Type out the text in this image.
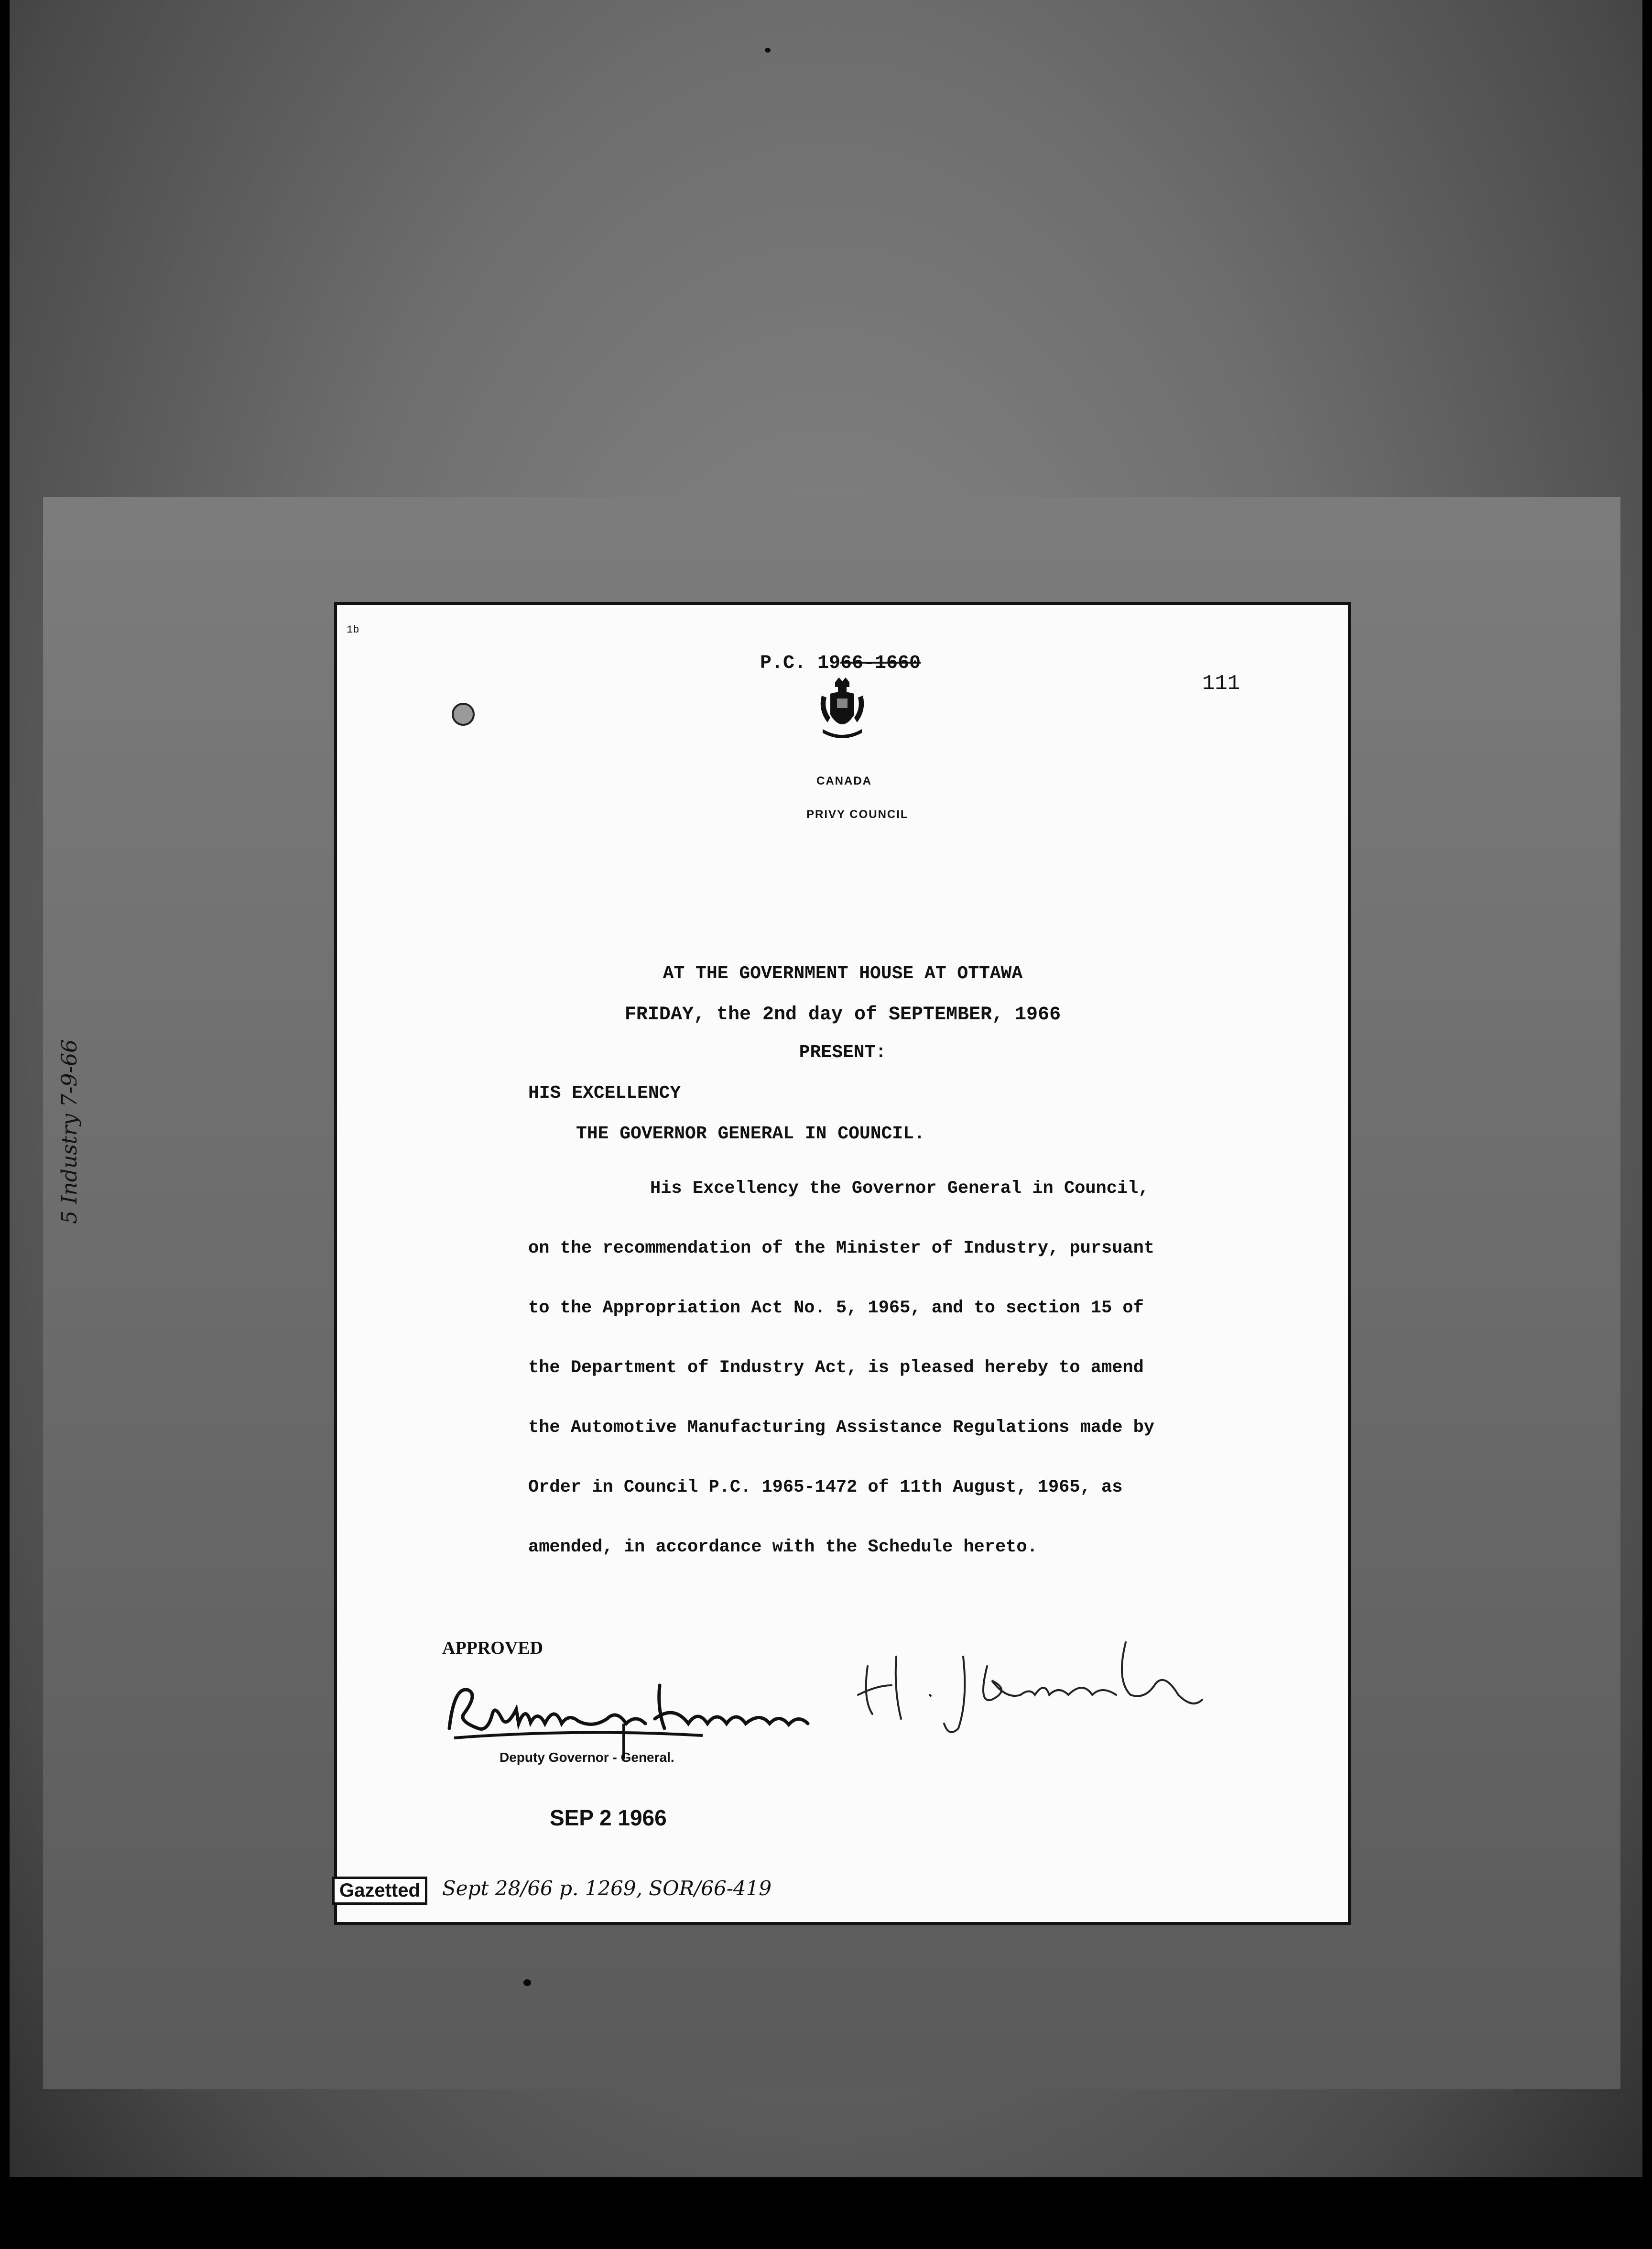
1b
P.C. 1966-1660
111
CANADA
PRIVY COUNCIL
AT THE GOVERNMENT HOUSE AT OTTAWA
FRIDAY, the 2nd day of SEPTEMBER, 1966
PRESENT:
HIS EXCELLENCY
THE GOVERNOR GENERAL IN COUNCIL.
His Excellency the Governor General in Council,
on the recommendation of the Minister of Industry, pursuant
to the Appropriation Act No. 5, 1965, and to section 15 of
the Department of Industry Act, is pleased hereby to amend
the Automotive Manufacturing Assistance Regulations made by
Order in Council P.C. 1965-1472 of 11th August, 1965, as
amended, in accordance with the Schedule hereto.
APPROVED
Deputy Governor - General.
SEP 2 1966
Gazetted	Sept 28/66 p. 1269, SOR/66-419
5 Industry 7-9-66
